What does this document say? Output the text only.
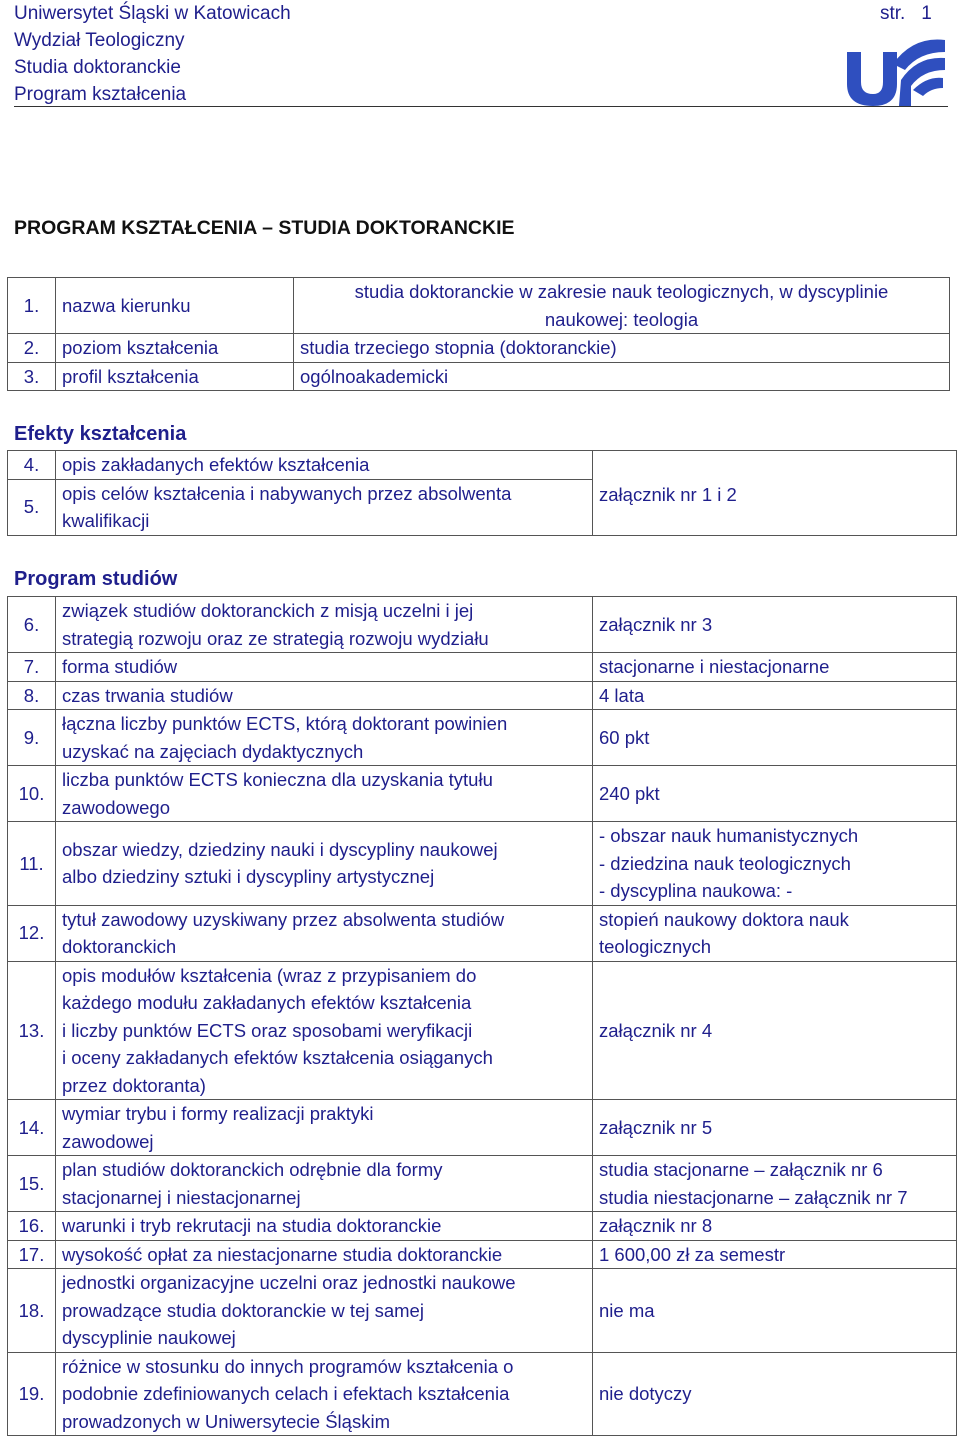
Uniwersytet Śląski w Katowicach
Wydział Teologiczny
Studia doktoranckie
Program kształcenia
str. 1
PROGRAM KSZTAŁCENIA – STUDIA DOKTORANCKIE
1.	nazwa kierunku	studia doktoranckie w zakresie nauk teologicznych, w dyscyplinie
naukowej: teologia

2.	poziom kształcenia	studia trzeciego stopnia (doktoranckie)

3.	profil kształcenia	ogólnoakademicki
Efekty kształcenia
4.	opis zakładanych efektów kształcenia	załącznik nr 1 i 2
5.	opis celów kształcenia i nabywanych przez absolwenta
kwalifikacji	
Program studiów
6.	związek studiów doktoranckich z misją uczelni i jej
strategią rozwoju oraz ze strategią rozwoju wydziału	załącznik nr 3

7.	forma studiów	stacjonarne i niestacjonarne

8.	czas trwania studiów	4 lata

9.	łączna liczby punktów ECTS, którą doktorant powinien
uzyskać na zajęciach dydaktycznych	60 pkt

10.	liczba punktów ECTS konieczna dla uzyskania tytułu
zawodowego	240 pkt

11.	obszar wiedzy, dziedziny nauki i dyscypliny naukowej
albo dziedziny sztuki i dyscypliny artystycznej	- obszar nauk humanistycznych
- dziedzina nauk teologicznych
- dyscyplina naukowa: -

12.	tytuł zawodowy uzyskiwany przez absolwenta studiów
doktoranckich	stopień naukowy doktora nauk
teologicznych

13.	opis modułów kształcenia (wraz z przypisaniem do
każdego modułu zakładanych efektów kształcenia
i liczby punktów ECTS oraz sposobami weryfikacji
i oceny zakładanych efektów kształcenia osiąganych
przez doktoranta)	załącznik nr 4

14.	wymiar trybu i formy realizacji praktyki
zawodowej	załącznik nr 5

15.	plan studiów doktoranckich odrębnie dla formy
stacjonarnej i niestacjonarnej	studia stacjonarne – załącznik nr 6
studia niestacjonarne – załącznik nr 7

16.	warunki i tryb rekrutacji na studia doktoranckie	załącznik nr 8

17.	wysokość opłat za niestacjonarne studia doktoranckie	1 600,00 zł za semestr

18.	jednostki organizacyjne uczelni oraz jednostki naukowe
prowadzące studia doktoranckie w tej samej
dyscyplinie naukowej	nie ma

19.	różnice w stosunku do innych programów kształcenia o
podobnie zdefiniowanych celach i efektach kształcenia
prowadzonych w Uniwersytecie Śląskim	nie dotyczy
